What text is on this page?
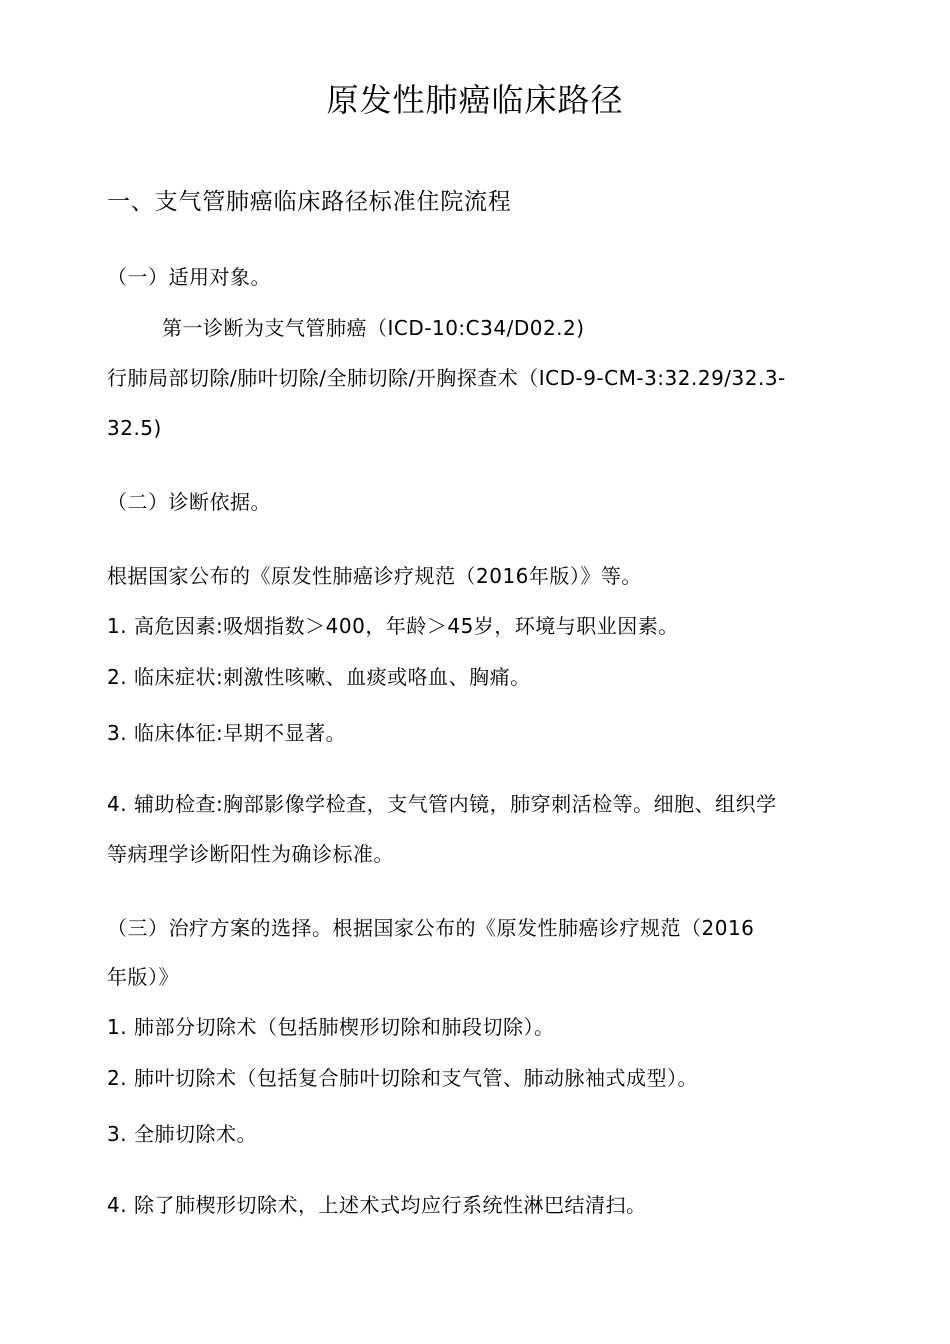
原发性肺癌临床路径
一、支气管肺癌临床路径标准住院流程
（一）适用对象。
第一诊断为支气管肺癌（ICD-10:C34/D02.2)
行肺局部切除/肺叶切除/全肺切除/开胸探查术（ICD-9-CM-3:32.29/32.3-
32.5)
（二）诊断依据。
根据国家公布的《原发性肺癌诊疗规范（2016年版）》等。
1. 高危因素:吸烟指数＞400，年龄＞45岁，环境与职业因素。
2. 临床症状:刺激性咳嗽、血痰或咯血、胸痛。
3. 临床体征:早期不显著。
4. 辅助检查:胸部影像学检查，支气管内镜，肺穿刺活检等。细胞、组织学
等病理学诊断阳性为确诊标准。
（三）治疗方案的选择。根据国家公布的《原发性肺癌诊疗规范（2016
年版）》
1. 肺部分切除术（包括肺楔形切除和肺段切除）。
2. 肺叶切除术（包括复合肺叶切除和支气管、肺动脉袖式成型）。
3. 全肺切除术。
4. 除了肺楔形切除术，上述术式均应行系统性淋巴结清扫。
